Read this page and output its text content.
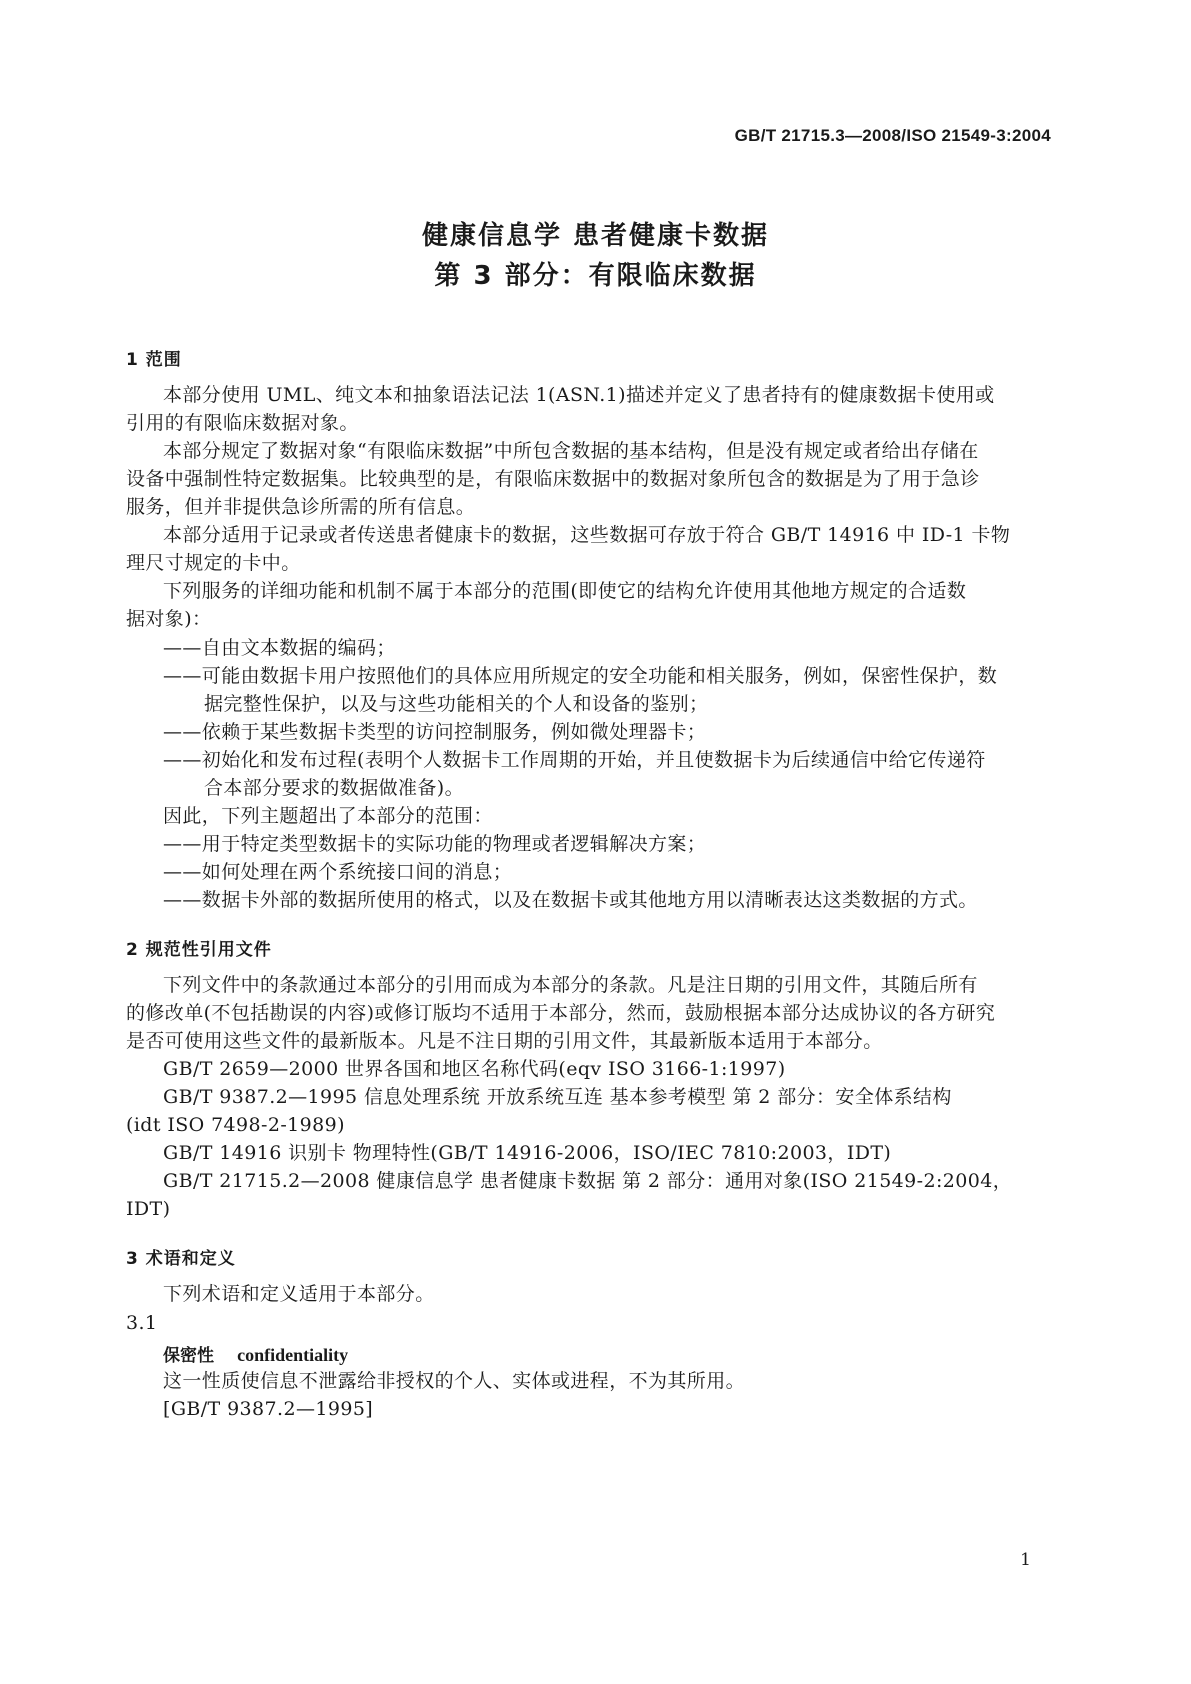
GB/T 21715.3—2008/ISO 21549-3:2004
健康信息学 患者健康卡数据
第 3 部分：有限临床数据
1 范围
本部分使用 UML、纯文本和抽象语法记法 1(ASN.1)描述并定义了患者持有的健康数据卡使用或
引用的有限临床数据对象。
本部分规定了数据对象“有限临床数据”中所包含数据的基本结构，但是没有规定或者给出存储在
设备中强制性特定数据集。比较典型的是，有限临床数据中的数据对象所包含的数据是为了用于急诊
服务，但并非提供急诊所需的所有信息。
本部分适用于记录或者传送患者健康卡的数据，这些数据可存放于符合 GB/T 14916 中 ID-1 卡物
理尺寸规定的卡中。
下列服务的详细功能和机制不属于本部分的范围(即使它的结构允许使用其他地方规定的合适数
据对象)：
——自由文本数据的编码；
——可能由数据卡用户按照他们的具体应用所规定的安全功能和相关服务，例如，保密性保护，数
据完整性保护，以及与这些功能相关的个人和设备的鉴别；
——依赖于某些数据卡类型的访问控制服务，例如微处理器卡；
——初始化和发布过程(表明个人数据卡工作周期的开始，并且使数据卡为后续通信中给它传递符
合本部分要求的数据做准备)。
因此，下列主题超出了本部分的范围：
——用于特定类型数据卡的实际功能的物理或者逻辑解决方案；
——如何处理在两个系统接口间的消息；
——数据卡外部的数据所使用的格式，以及在数据卡或其他地方用以清晰表达这类数据的方式。
2 规范性引用文件
下列文件中的条款通过本部分的引用而成为本部分的条款。凡是注日期的引用文件，其随后所有
的修改单(不包括勘误的内容)或修订版均不适用于本部分，然而，鼓励根据本部分达成协议的各方研究
是否可使用这些文件的最新版本。凡是不注日期的引用文件，其最新版本适用于本部分。
GB/T 2659—2000 世界各国和地区名称代码(eqv ISO 3166-1:1997)
GB/T 9387.2—1995 信息处理系统 开放系统互连 基本参考模型 第 2 部分：安全体系结构
(idt ISO 7498-2-1989)
GB/T 14916 识别卡 物理特性(GB/T 14916-2006，ISO/IEC 7810:2003，IDT)
GB/T 21715.2—2008 健康信息学 患者健康卡数据 第 2 部分：通用对象(ISO 21549-2:2004，
IDT)
3 术语和定义
下列术语和定义适用于本部分。
3.1
保密性 confidentiality
这一性质使信息不泄露给非授权的个人、实体或进程，不为其所用。
[GB/T 9387.2—1995]
1
